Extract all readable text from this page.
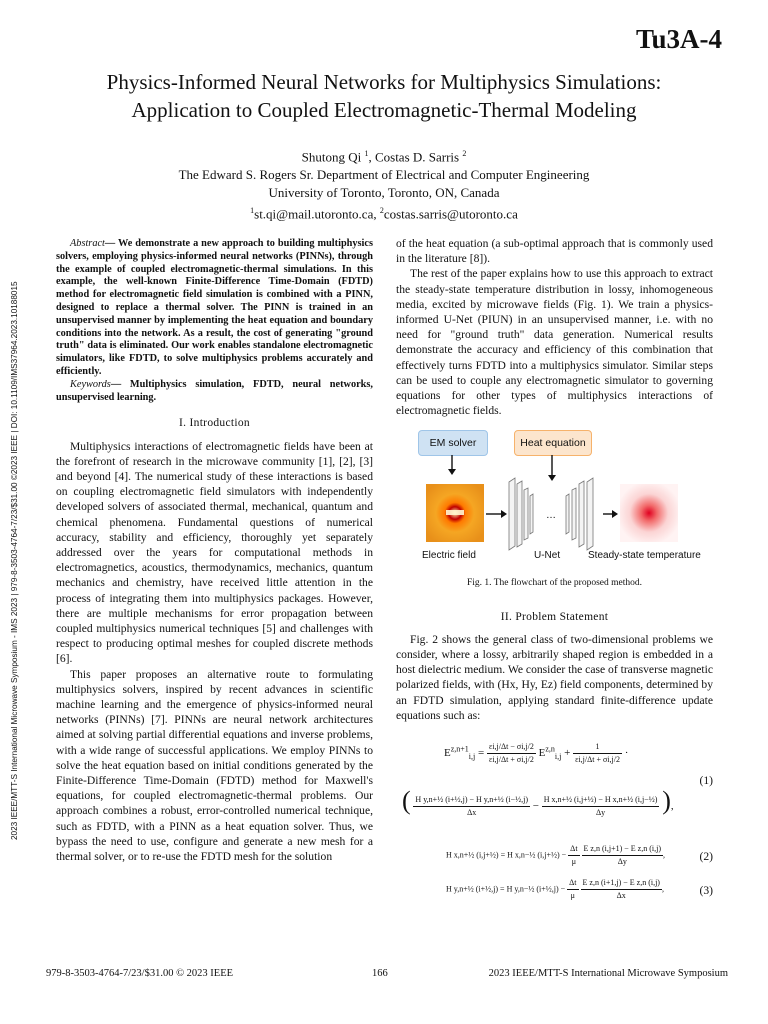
2023 IEEE/MTT-S International Microwave Symposium - IMS 2023 | 979-8-3503-4764-7/23/$31.00 ©2023 IEEE | DOI: 10.1109/IMS37964.2023.10188015
Tu3A-4
Physics-Informed Neural Networks for Multiphysics Simulations:
Application to Coupled Electromagnetic-Thermal Modeling
Shutong Qi $^1$, Costas D. Sarris $^2$
The Edward S. Rogers Sr. Department of Electrical and Computer Engineering
University of Toronto, Toronto, ON, Canada
$^1$st.qi@mail.utoronto.ca, $^2$costas.sarris@utoronto.ca

Abstract— We demonstrate a new approach to building multiphysics solvers, employing physics-informed neural networks (PINNs), through the example of coupled electromagnetic-thermal simulations. In this example, the well-known Finite-Difference Time-Domain (FDTD) method for electromagnetic field simulation is combined with a PINN, designed to replace a thermal solver. The PINN is trained in an unsupervised manner by implementing the heat equation and boundary conditions into the network. As a result, the cost of generating "ground truth" data is eliminated. Our work enables standalone electromagnetic simulators, like FDTD, to solve multiphysics problems accurately and efficiently.

Keywords— Multiphysics simulation, FDTD, neural networks, unsupervised learning.

I. Introduction

Multiphysics interactions of electromagnetic fields have been at the forefront of research in the microwave community [1], [2], [3] and beyond [4]. The numerical study of these interactions is based on coupling electromagnetic field simulators with independently developed solvers of associated thermal, mechanical, quantum and chemical phenomena. Fundamental questions of numerical accuracy, stability and efficiency, thoroughly yet separately addressed over the years for computational methods in electromagnetics, acoustics, thermodynamics, mechanics, quantum mechanics and chemistry, have received little attention in the process of integrating them into multiphysics packages. However, there are multiple mechanisms for error propagation between coupled multiphysics numerical techniques [5] and challenges with respect to producing optimal meshes for coupled discrete methods [6].

This paper proposes an alternative route to formulating multiphysics solvers, inspired by recent advances in scientific machine learning and the emergence of physics-informed neural networks (PINNs) [7]. PINNs are neural network architectures aimed at solving partial differential equations and inverse problems, with a wide range of successful applications. We employ PINNs to solve the heat equation based on initial conditions generated by the Finite-Difference Time-Domain (FDTD) method for Maxwell's equations, for coupled electromagnetic-thermal problems. Our approach combines a robust, error-controlled numerical technique, such as FDTD, with a PINN as a heat equation solver. Thus, we bypass the need to use, configure and generate a new mesh for a thermal solver, or to re-use the FDTD mesh for the solution

of the heat equation (a sub-optimal approach that is commonly used in the literature [8]).

The rest of the paper explains how to use this approach to extract the steady-state temperature distribution in lossy, inhomogeneous media, excited by microwave fields (Fig. 1). We train a physics-informed U-Net (PIUN) in an unsupervised manner, i.e. with no need for "ground truth" data generation. Numerical results demonstrate the accuracy and efficiency of this combination that effectively turns FDTD into a multiphysics simulator. Similar steps can be used to couple any electromagnetic simulator to governing equations for other types of multiphysics interactions of electromagnetic fields.

EM solver	Heat equation
…
Electric field	U-Net	Steady-state temperature
Fig. 1. The flowchart of the proposed method.
II. Problem Statement

Fig. 2 shows the general class of two-dimensional problems we consider, where a lossy, arbitrarily shaped region is embedded in a host dielectric medium. We consider the case of transverse magnetic polarized fields, with (Hx, Hy, Ez) field components, determined by an FDTD simulation, applying standard finite-difference update equations such as:

$E^{z,n+1}_{i,j} = \frac{\varepsilon i,j/\Delta t - \sigma i,j/2}{\varepsilon i,j/\Delta t + \sigma i,j/2} E^{z,n}_{i,j} + \frac{1}{\varepsilon i,j/\Delta t + \sigma i,j/2}$ ·
(1)
( $\frac{\text{H y,n+½ (i+½,j) − H y,n+½ (i−½,j)}}{\Delta x} - \frac{\text{H x,n+½ (i,j+½) − H x,n+½ (i,j−½)}}{\Delta y}$ ),
H x,n+½ (i,j+½) = H x,n−½ (i,j+½) − $\frac{\Delta t}{\mu}$
$\frac{\text{E z,n (i,j+1) − E z,n (i,j)}}{\Delta y}$ ,	(2)
H y,n+½ (i+½,j) = H y,n−½ (i+½,j) − $\frac{\Delta t}{\mu}$
$\frac{\text{E z,n (i+1,j) − E z,n (i,j)}}{\Delta x}$ ,	(3)
979-8-3503-4764-7/23/$31.00 © 2023 IEEE	166	2023 IEEE/MTT-S International Microwave Symposium
